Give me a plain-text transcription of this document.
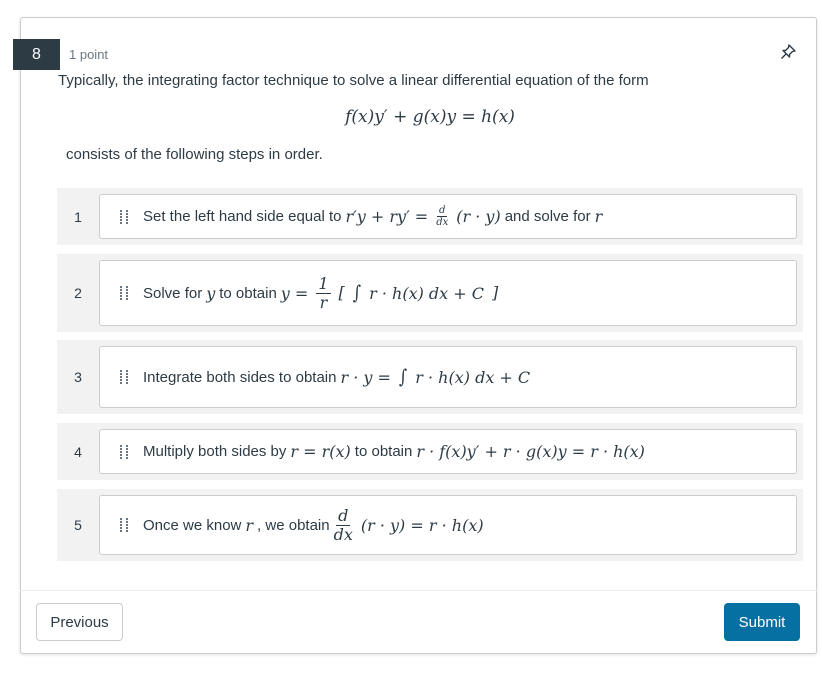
8	1 point
Typically, the integrating factor technique to solve a linear differential equation of the form
f(x)y′ + g(x)y = h(x)
consists of the following steps in order.
1	Set the left hand side equal to $r'y + ry' = \frac{d}{dx} (r \cdot y)$ and solve for r
2	Solve for y to obtain $y = \frac{1}{r}$ [ ∫ r · h(x) dx + C ]
3	Integrate both sides to obtain r · y = ∫ r · h(x) dx + C
4	Multiply both sides by r = r(x) to obtain r · f(x)y′ + r · g(x)y = r · h(x)
5	Once we know r , we obtain $\frac{d}{dx} (r \cdot y) = r \cdot h(x)$
Previous	Submit
